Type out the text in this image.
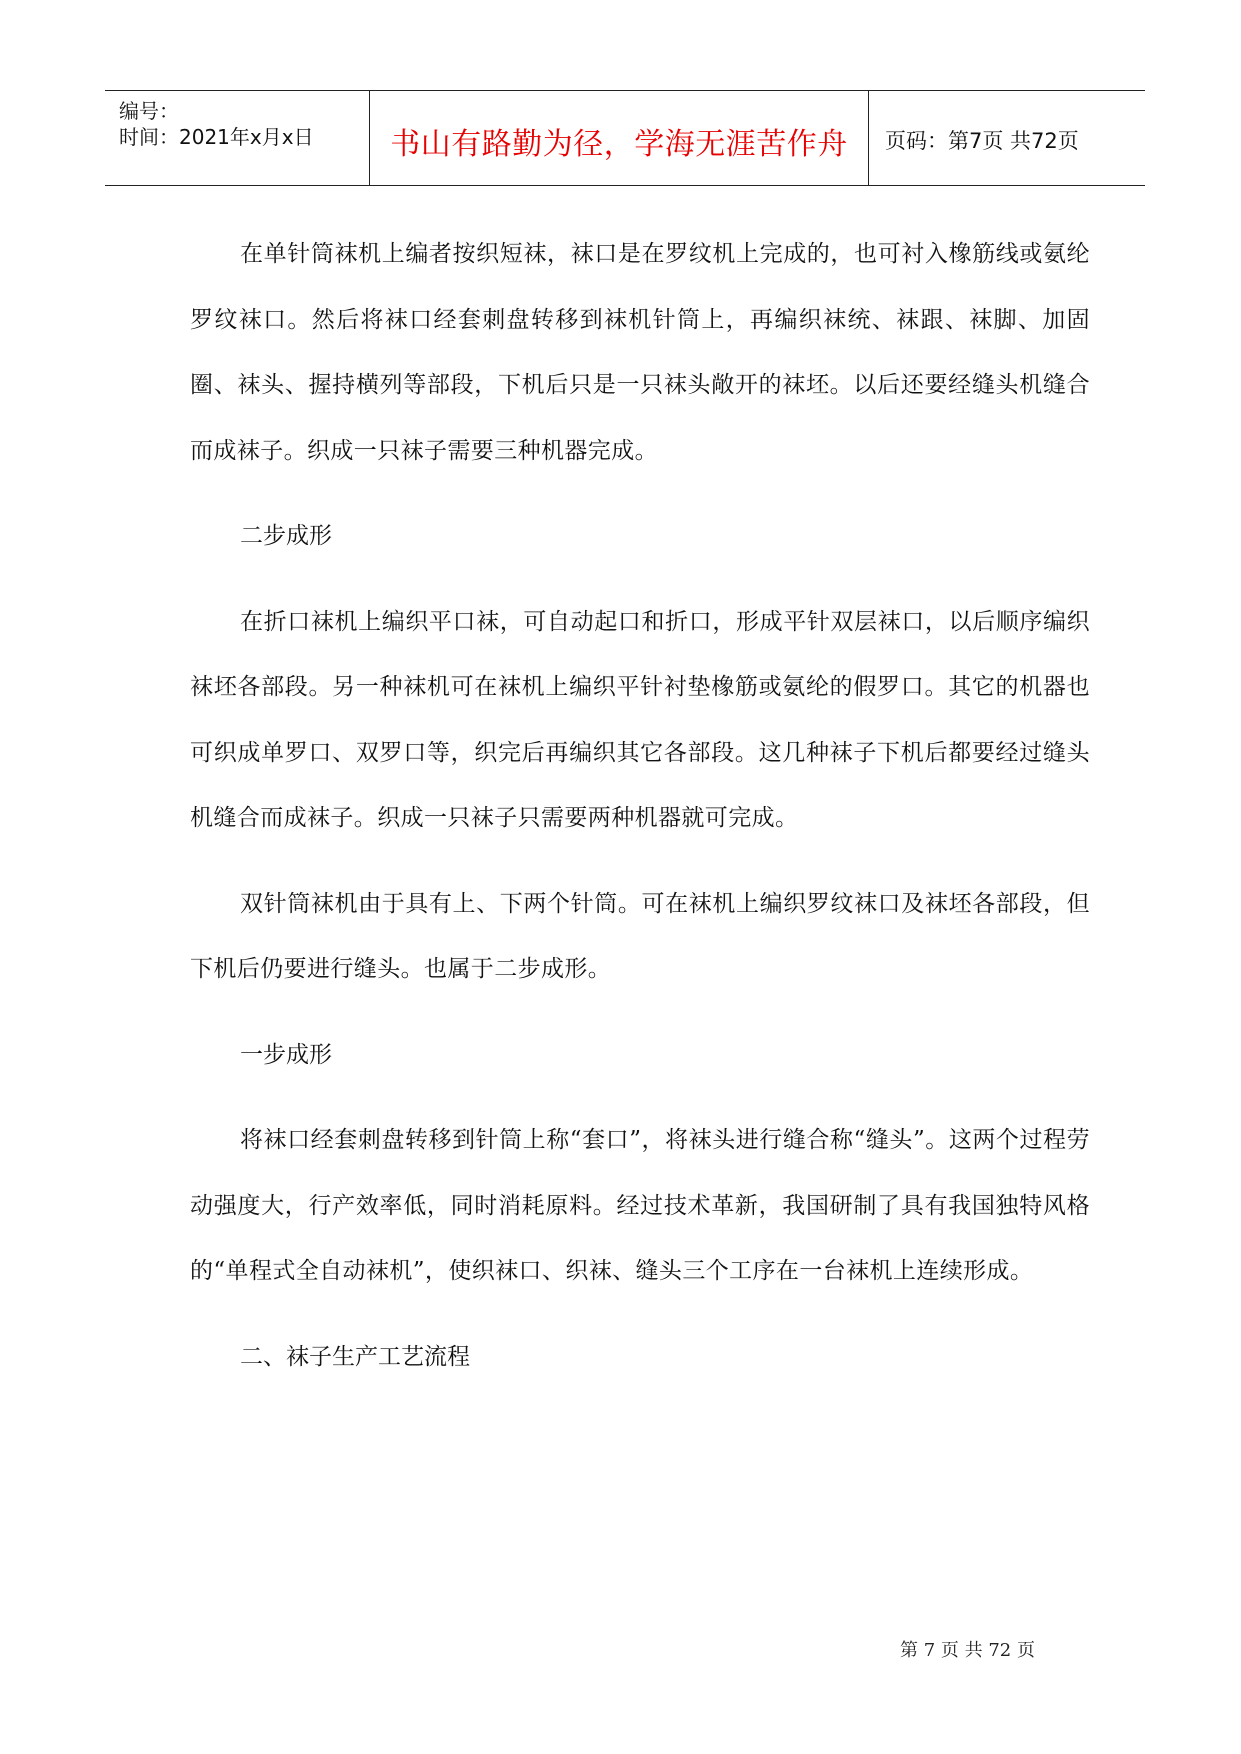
编号：
时间：2021年x月x日	书山有路勤为径，学海无涯苦作舟	页码：第7页 共72页

在单针筒袜机上编者按织短袜，袜口是在罗纹机上完成的，也可衬入橡筋线或氨纶罗纹袜口。然后将袜口经套刺盘转移到袜机针筒上，再编织袜统、袜跟、袜脚、加固圈、袜头、握持横列等部段，下机后只是一只袜头敞开的袜坯。以后还要经缝头机缝合而成袜子。织成一只袜子需要三种机器完成。

二步成形

在折口袜机上编织平口袜，可自动起口和折口，形成平针双层袜口，以后顺序编织袜坯各部段。另一种袜机可在袜机上编织平针衬垫橡筋或氨纶的假罗口。其它的机器也可织成单罗口、双罗口等，织完后再编织其它各部段。这几种袜子下机后都要经过缝头机缝合而成袜子。织成一只袜子只需要两种机器就可完成。

双针筒袜机由于具有上、下两个针筒。可在袜机上编织罗纹袜口及袜坯各部段，但下机后仍要进行缝头。也属于二步成形。

一步成形

将袜口经套刺盘转移到针筒上称“套口”，将袜头进行缝合称“缝头”。这两个过程劳动强度大，行产效率低，同时消耗原料。经过技术革新，我国研制了具有我国独特风格的“单程式全自动袜机”，使织袜口、织袜、缝头三个工序在一台袜机上连续形成。

二、袜子生产工艺流程

第 7 页 共 72 页
